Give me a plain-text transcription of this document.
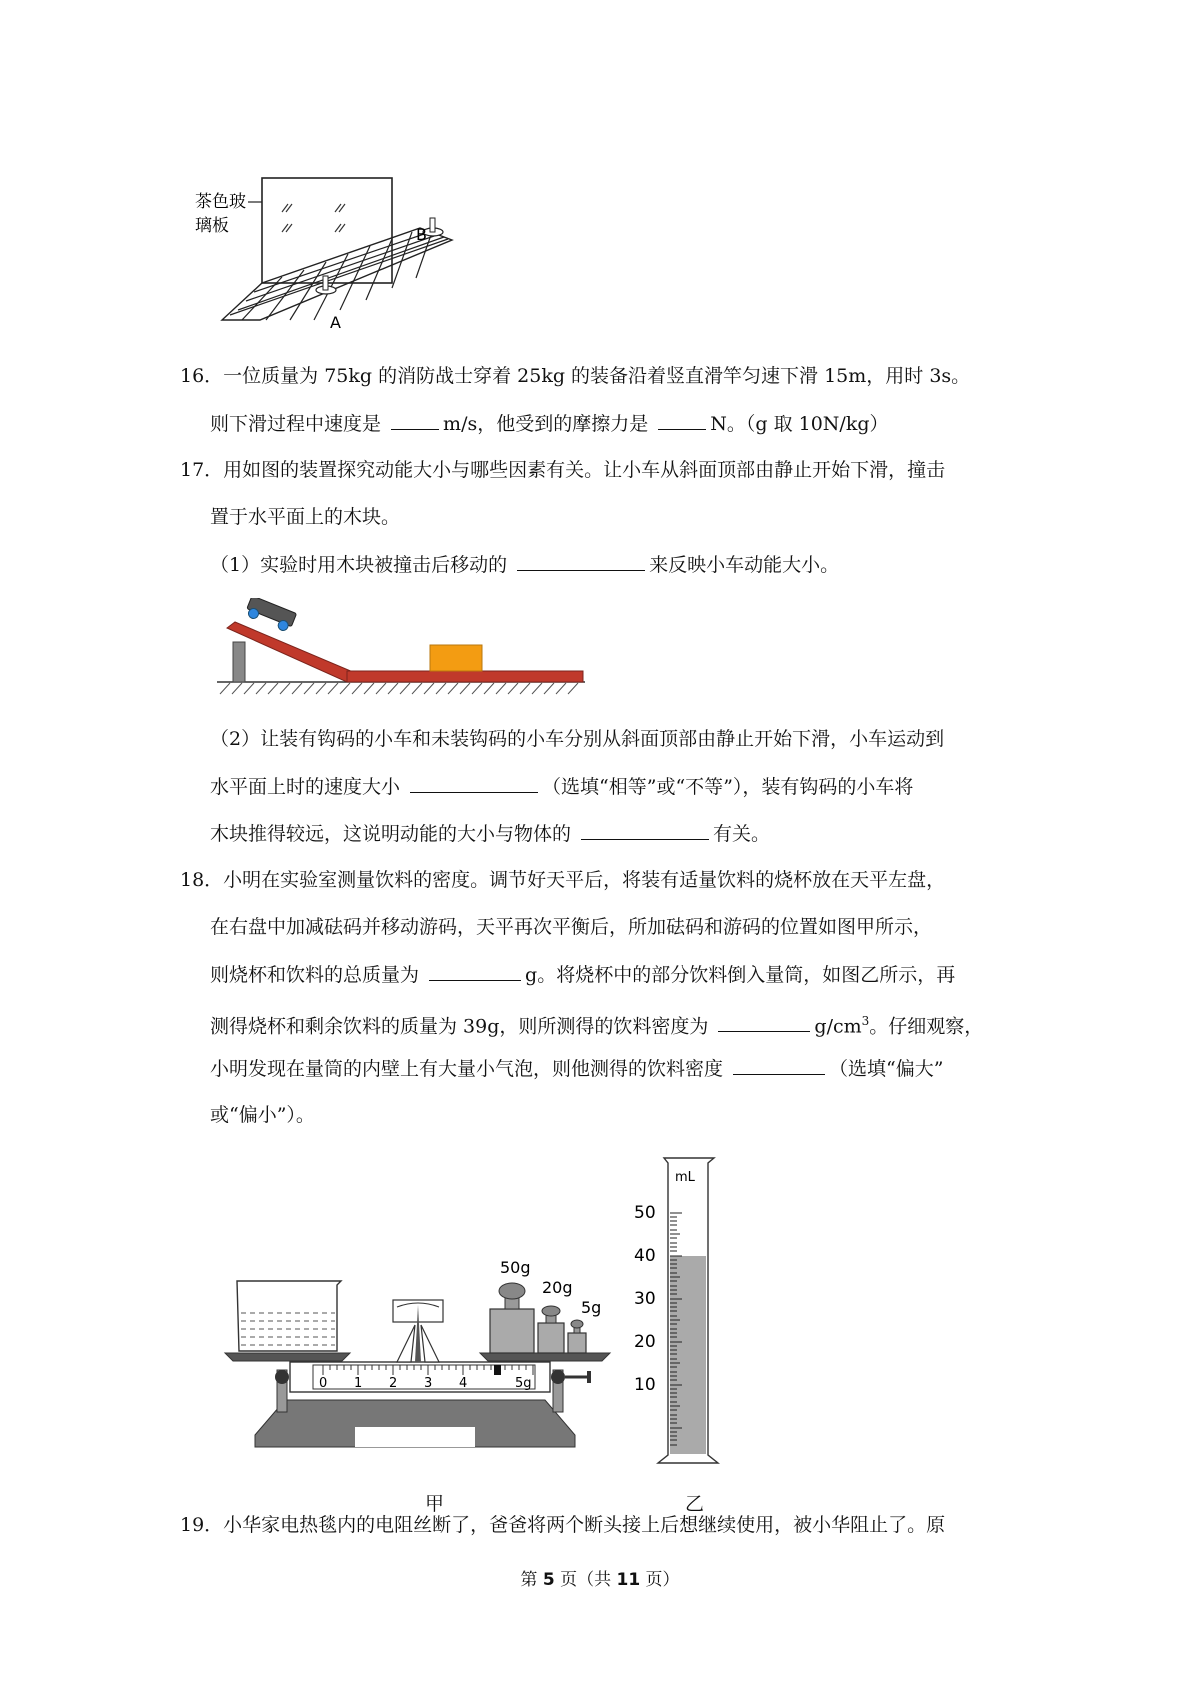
茶色玻
璃板	B
A
16．一位质量为 75kg 的消防战士穿着 25kg 的装备沿着竖直滑竿匀速下滑 15m，用时 3s。
则下滑过程中速度是	m/s，他受到的摩擦力是	N。（g 取 10N/kg）
17．用如图的装置探究动能大小与哪些因素有关。让小车从斜面顶部由静止开始下滑，撞击
置于水平面上的木块。
（1）实验时用木块被撞击后移动的	来反映小车动能大小。
（2）让装有钩码的小车和未装钩码的小车分别从斜面顶部由静止开始下滑，小车运动到
水平面上时的速度大小	（选填“相等”或“不等”），装有钩码的小车将
木块推得较远，这说明动能的大小与物体的	有关。
18．小明在实验室测量饮料的密度。调节好天平后，将装有适量饮料的烧杯放在天平左盘，
在右盘中加减砝码并移动游码，天平再次平衡后，所加砝码和游码的位置如图甲所示，
则烧杯和饮料的总质量为	g。将烧杯中的部分饮料倒入量筒，如图乙所示，再
测得烧杯和剩余饮料的质量为 39g，则所测得的饮料密度为	$g/cm^3$。仔细观察，
小明发现在量筒的内壁上有大量小气泡，则他测得的饮料密度	（选填“偏大”
或“偏小”）。
0 1 2 3 4	5g
50g
20g
5g
甲
mL
50
40
30
20
10
乙
19．小华家电热毯内的电阻丝断了，爸爸将两个断头接上后想继续使用，被小华阻止了。原
第 5 页（共 11 页）
